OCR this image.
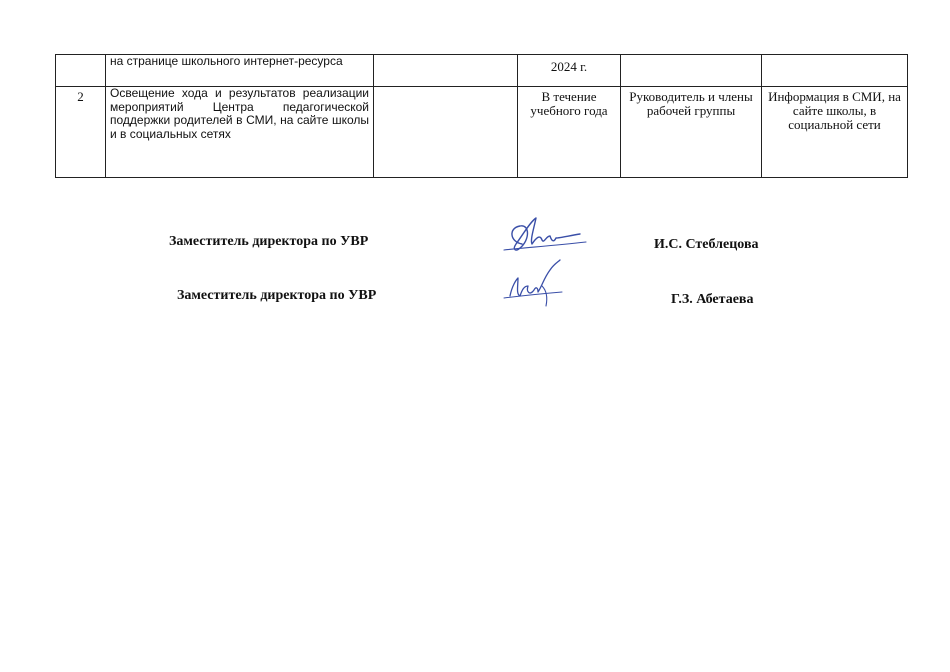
	на странице школьного интернет-ресурса		2024 г.		
2	Освещение хода и результатов реализации мероприятий Центра педагогической поддержки родителей в СМИ, на сайте школы и в социальных сетях		В течение учебного года	Руководитель и члены рабочей группы	Информация в СМИ, на сайте школы, в социальной сети
Заместитель директора по УВР	И.С. Стеблецова
Заместитель директора по УВР	Г.З. Абетаева
